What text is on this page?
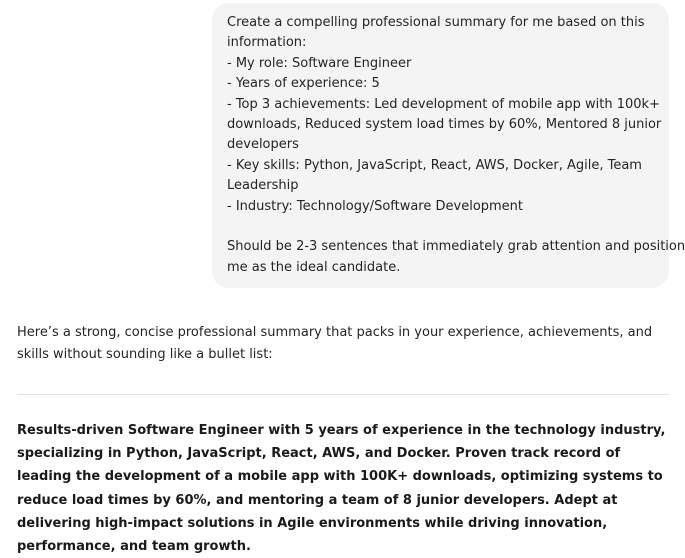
Create a compelling professional summary for me based on this

information:

- My role: Software Engineer

- Years of experience: 5

- Top 3 achievements: Led development of mobile app with 100k+

downloads, Reduced system load times by 60%, Mentored 8 junior

developers

- Key skills: Python, JavaScript, React, AWS, Docker, Agile, Team

Leadership

- Industry: Technology/Software Development

Should be 2-3 sentences that immediately grab attention and position

me as the ideal candidate.

Here’s a strong, concise professional summary that packs in your experience, achievements, and skills without sounding like a bullet list:

Results-driven Software Engineer with 5 years of experience in the technology industry, specializing in Python, JavaScript, React, AWS, and Docker. Proven track record of leading the development of a mobile app with 100K+ downloads, optimizing systems to reduce load times by 60%, and mentoring a team of 8 junior developers. Adept at delivering high-impact solutions in Agile environments while driving innovation, performance, and team growth.
